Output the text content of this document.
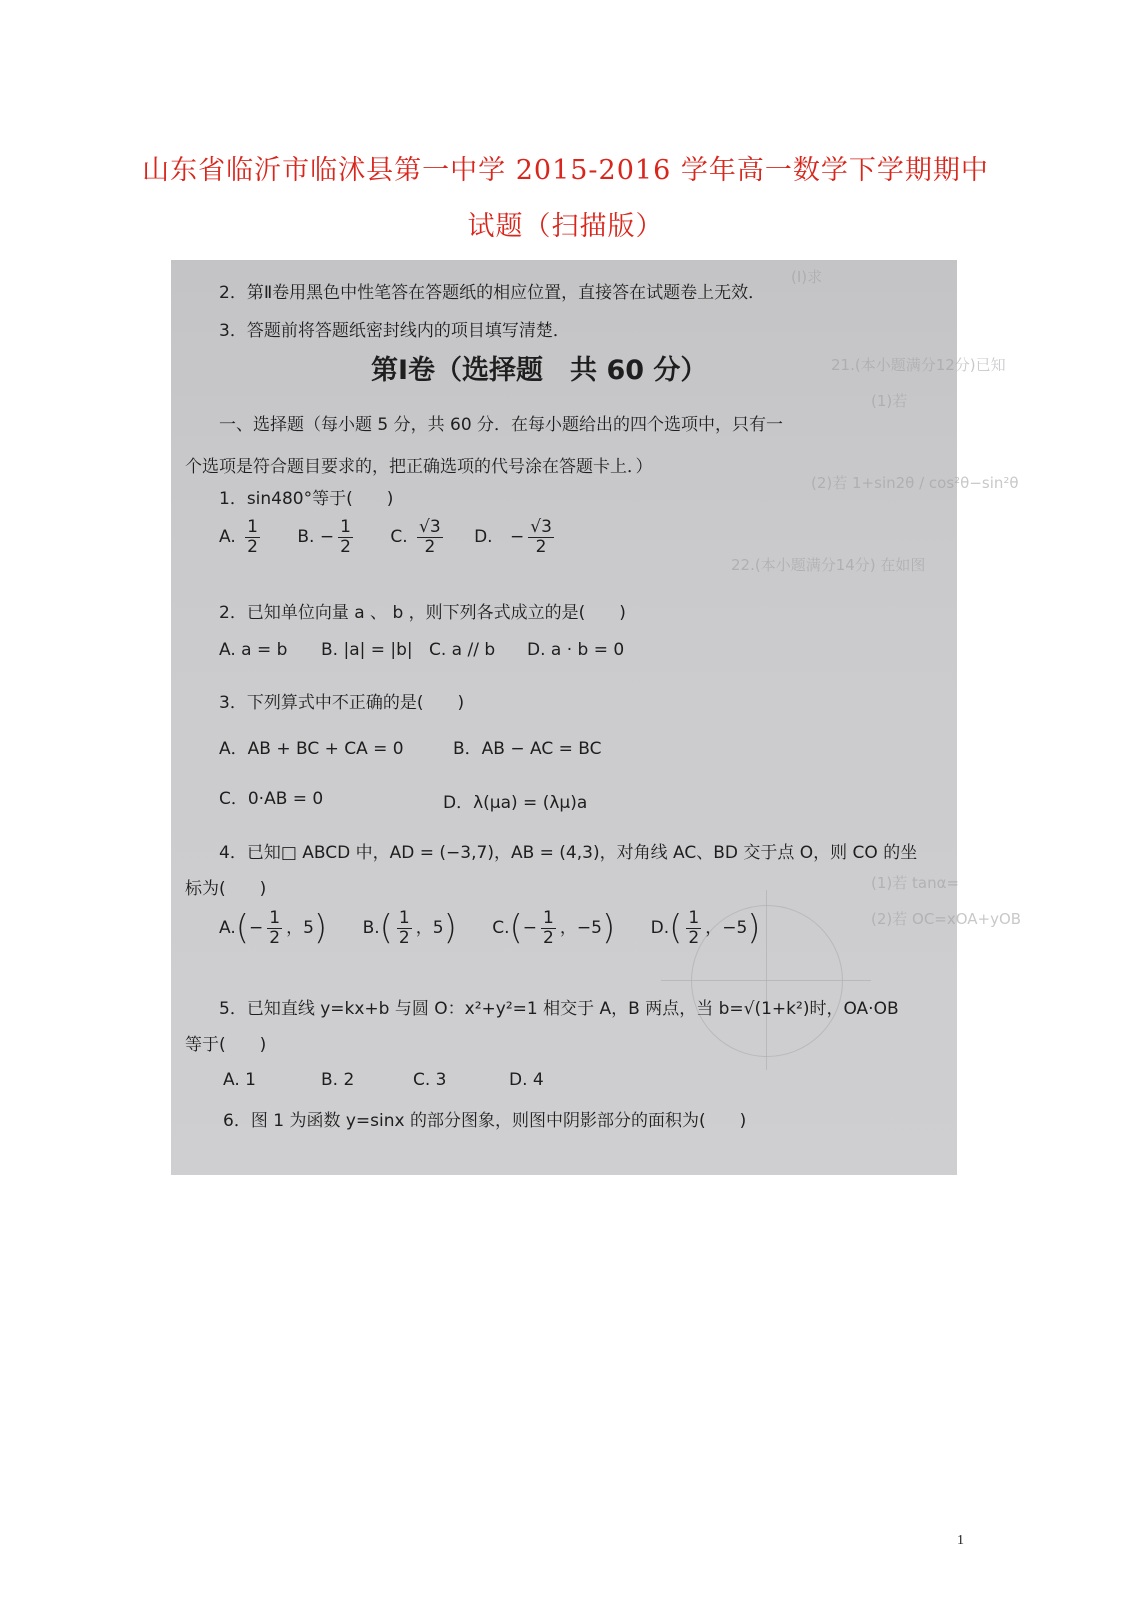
山东省临沂市临沭县第一中学 2015-2016 学年高一数学下学期期中
试题（扫描版）
(Ⅰ)求
21.(本小题满分12分)已知
(1)若
(2)若 1+sin2θ / cos²θ−sin²θ
22.(本小题满分14分) 在如图
(1)若 tanα=
(2)若 OC=xOA+yOB
2．第Ⅱ卷用黑色中性笔答在答题纸的相应位置，直接答在试题卷上无效．
3．答题前将答题纸密封线内的项目填写清楚．
第Ⅰ卷（选择题　共 60 分）
一、选择题（每小题 5 分，共 60 分．在每小题给出的四个选项中，只有一
个选项是符合题目要求的，把正确选项的代号涂在答题卡上．）
1．sin480°等于(　　)
A. $\frac{1}{2} B$. − $\frac{1}{2} C$. $\frac{√3}{2} D$. − $\frac{√3}{2}$
2．已知单位向量 a 、 b ，则下列各式成立的是(　　)
A. a = b B. |a| = |b| C. a // b D. a · b = 0
3．下列算式中不正确的是(　　)
A．AB + BC + CA = 0	B．AB − AC = BC
C．0·AB = 0	D．λ(μa) = (λμ)a
4．已知□ ABCD 中，AD = (−3,7)，AB = (4,3)，对角线 AC、BD 交于点 O，则 CO 的坐
标为(　　)
$A.(- \frac{1}{2}$ ，5) $B.( \frac{1}{2}$ ，5) $C.(- \frac{1}{2}$ ，−5) $D.( \frac{1}{2}$ ，−5)
5．已知直线 y=kx+b 与圆 O：x²+y²=1 相交于 A，B 两点，当 b=√(1+k²)时，OA·OB
等于(　　)
A. 1	B. 2	C. 3	D. 4
6．图 1 为函数 y=sinx 的部分图象，则图中阴影部分的面积为(　　)
1
